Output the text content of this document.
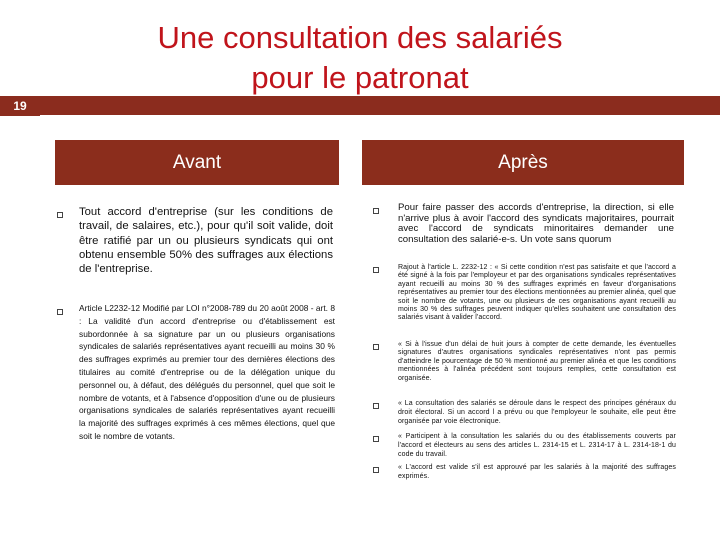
Une consultation des salariés
pour le patronat
19
Avant
Tout accord d'entreprise (sur les conditions de travail, de salaires, etc.), pour qu'il soit valide, doit être ratifié par un ou plusieurs syndicats qui ont obtenu ensemble 50% des suffrages aux élections de l'entreprise.
Article L2232-12 Modifié par LOI n°2008-789 du 20 août 2008 - art. 8 : La validité d'un accord d'entreprise ou d'établissement est subordonnée à sa signature par un ou plusieurs organisations syndicales de salariés représentatives ayant recueilli au moins 30 % des suffrages exprimés au premier tour des dernières élections des titulaires au comité d'entreprise ou de la délégation unique du personnel ou, à défaut, des délégués du personnel, quel que soit le nombre de votants, et à l'absence d'opposition d'une ou de plusieurs organisations syndicales de salariés représentatives ayant recueilli la majorité des suffrages exprimés à ces mêmes élections, quel que soit le nombre de votants.
Après
Pour faire passer des accords d'entreprise, la direction, si elle n'arrive plus à avoir l'accord des syndicats majoritaires, pourrait avec l'accord de syndicats minoritaires demander une consultation des salarié-e-s. Un vote sans quorum
Rajout à l'article L. 2232-12 : « Si cette condition n'est pas satisfaite et que l'accord a été signé à la fois par l'employeur et par des organisations syndicales représentatives ayant recueilli au moins 30 % des suffrages exprimés en faveur d'organisations représentatives au premier tour des élections mentionnées au premier alinéa, quel que soit le nombre de votants, une ou plusieurs de ces organisations ayant recueilli au moins 30 % des suffrages peuvent indiquer qu'elles souhaitent une consultation des salariés visant à valider l'accord.
« Si à l'issue d'un délai de huit jours à compter de cette demande, les éventuelles signatures d'autres organisations syndicales représentatives n'ont pas permis d'atteindre le pourcentage de 50 % mentionné au premier alinéa et que les conditions mentionnées à l'alinéa précédent sont toujours remplies, cette consultation est organisée.
« La consultation des salariés se déroule dans le respect des principes généraux du droit électoral. Si un accord l a prévu ou que l'employeur le souhaite, elle peut être organisée par voie électronique.
« Participent à la consultation les salariés du ou des établissements couverts par l'accord et électeurs au sens des articles L. 2314-15 et L. 2314-17 à L. 2314-18-1 du code du travail.
« L'accord est valide s'il est approuvé par les salariés à la majorité des suffrages exprimés.
